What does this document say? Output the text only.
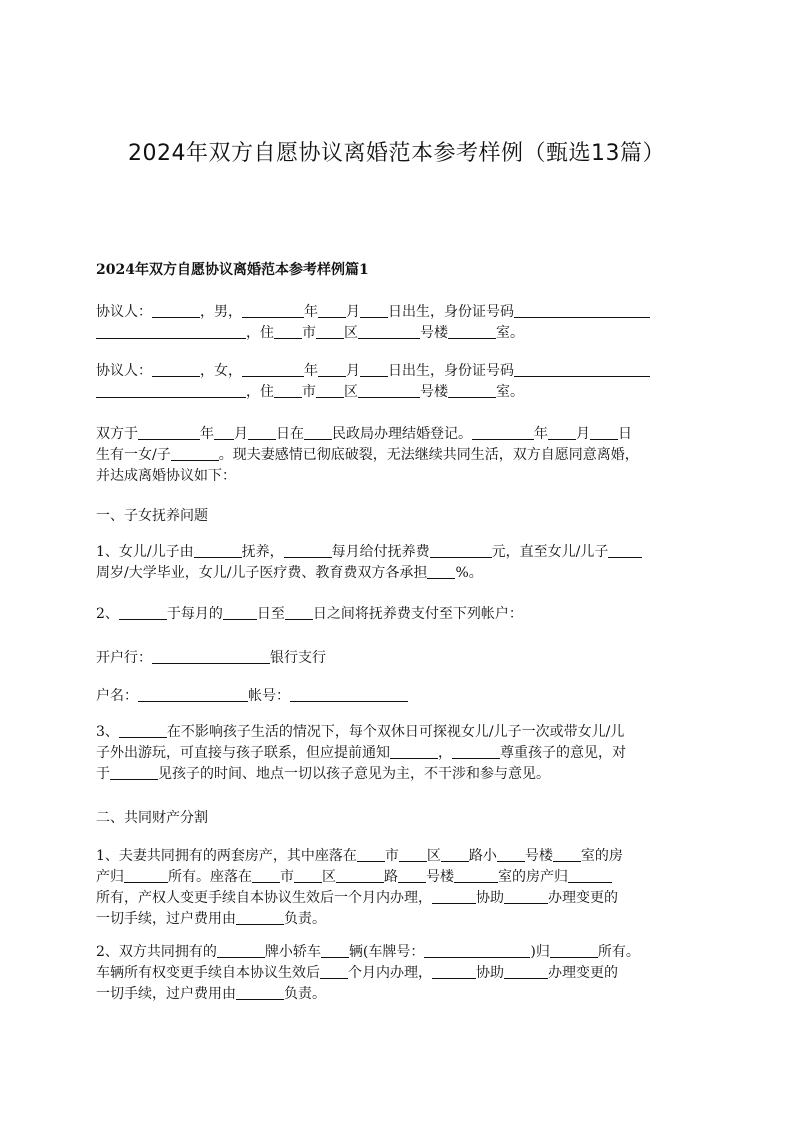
2024年双方自愿协议离婚范本参考样例（甄选13篇）
2024年双方自愿协议离婚范本参考样例篇1
协议人：	，男，	年 月 日出生，身份证号码
，住 市 区	号楼	室。
协议人：	，女，	年 月 日出生，身份证号码
，住 市 区	号楼	室。
双方于	年 月 日在 民政局办理结婚登记。	年 月 日
生有一女/子	。现夫妻感情已彻底破裂，无法继续共同生活，双方自愿同意离婚，
并达成离婚协议如下：
一、子女抚养问题
1、女儿/儿子由	抚养，	每月给付抚养费	元，直至女儿/儿子
周岁/大学毕业，女儿/儿子医疗费、教育费双方各承担 %。
2、	于每月的 日至 日之间将抚养费支付至下列帐户：
开户行：	银行支行
户名：	帐号：
3、	在不影响孩子生活的情况下，每个双休日可探视女儿/儿子一次或带女儿/儿
子外出游玩，可直接与孩子联系，但应提前通知	，	尊重孩子的意见，对
于	见孩子的时间、地点一切以孩子意见为主，不干涉和参与意见。
二、共同财产分割
1、夫妻共同拥有的两套房产，其中座落在 市 区 路小 号楼 室的房
产归	所有。座落在 市 区	路 号楼	室的房产归
所有，产权人变更手续自本协议生效后一个月内办理，	协助	办理变更的
一切手续，过户费用由	负责。
2、双方共同拥有的	牌小轿车 辆(车牌号：	)归	所有。
车辆所有权变更手续自本协议生效后 个月内办理，	协助	办理变更的
一切手续，过户费用由	负责。
